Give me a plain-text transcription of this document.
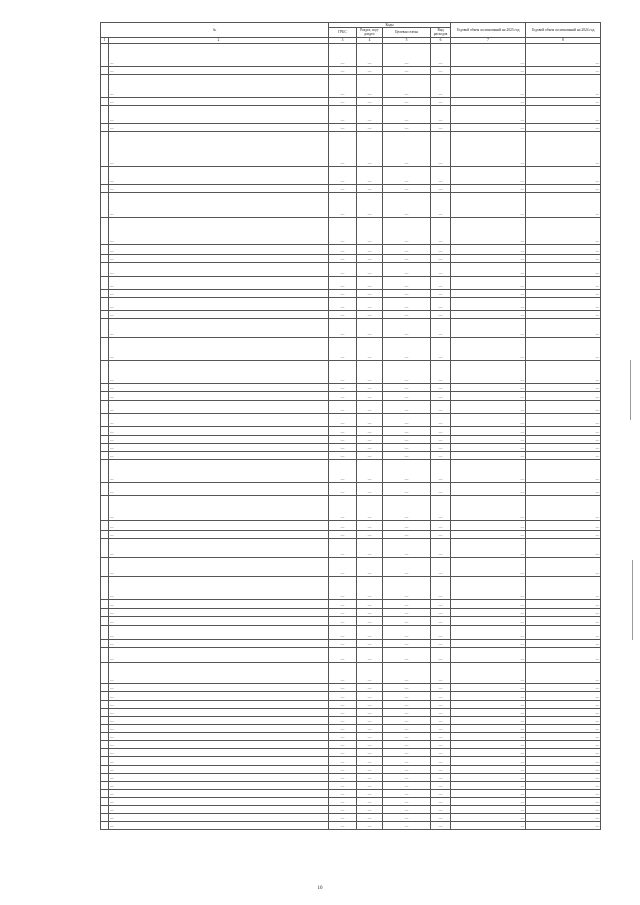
№		Коды				Годовой объем ассигнований на 2023 год	Годовой объем ассигнований на 2024 год
		ГРБС	Раздел, под-раздел	Целевая статья	Вид расходов		
1	2	3	4	5	6	7	8
	—	—	—	—	—	—	—
	—	—	—	—	—	—	—
	—	—	—	—	—	—	—
	—	—	—	—	—	—	—
	—	—	—	—	—	—	—
	—	—	—	—	—	—	—
	—	—	—	—	—	—	—
	—	—	—	—	—	—	—
	—	—	—	—	—	—	—
	—	—	—	—	—	—	—
	—	—	—	—	—	—	—
	—	—	—	—	—	—	—
	—	—	—	—	—	—	—
	—	—	—	—	—	—	—
	—	—	—	—	—	—	—
	—	—	—	—	—	—	—
	—	—	—	—	—	—	—
	—	—	—	—	—	—	—
	—	—	—	—	—	—	—
	—	—	—	—	—	—	—
	—	—	—	—	—	—	—
	—	—	—	—	—	—	—
	—	—	—	—	—	—	—
	—	—	—	—	—	—	—
	—	—	—	—	—	—	—
	—	—	—	—	—	—	—
	—	—	—	—	—	—	—
	—	—	—	—	—	—	—
	—	—	—	—	—	—	—
	—	—	—	—	—	—	—
	—	—	—	—	—	—	—
	—	—	—	—	—	—	—
	—	—	—	—	—	—	—
	—	—	—	—	—	—	—
	—	—	—	—	—	—	—
	—	—	—	—	—	—	—
	—	—	—	—	—	—	—
	—	—	—	—	—	—	—
	—	—	—	—	—	—	—
	—	—	—	—	—	—	—
	—	—	—	—	—	—	—
	—	—	—	—	—	—	—
	—	—	—	—	—	—	—
	—	—	—	—	—	—	—
	—	—	—	—	—	—	—
	—	—	—	—	—	—	—
	—	—	—	—	—	—	—
	—	—	—	—	—	—	—
	—	—	—	—	—	—	—
	—	—	—	—	—	—	—
	—	—	—	—	—	—	—
	—	—	—	—	—	—	—
	—	—	—	—	—	—	—
	—	—	—	—	—	—	—
	—	—	—	—	—	—	—
	—	—	—	—	—	—	—
	—	—	—	—	—	—	—
	—	—	—	—	—	—	—
	—	—	—	—	—	—	—
	—	—	—	—	—	—	—
	—	—	—	—	—	—	—
	—	—	—	—	—	—	—
10
